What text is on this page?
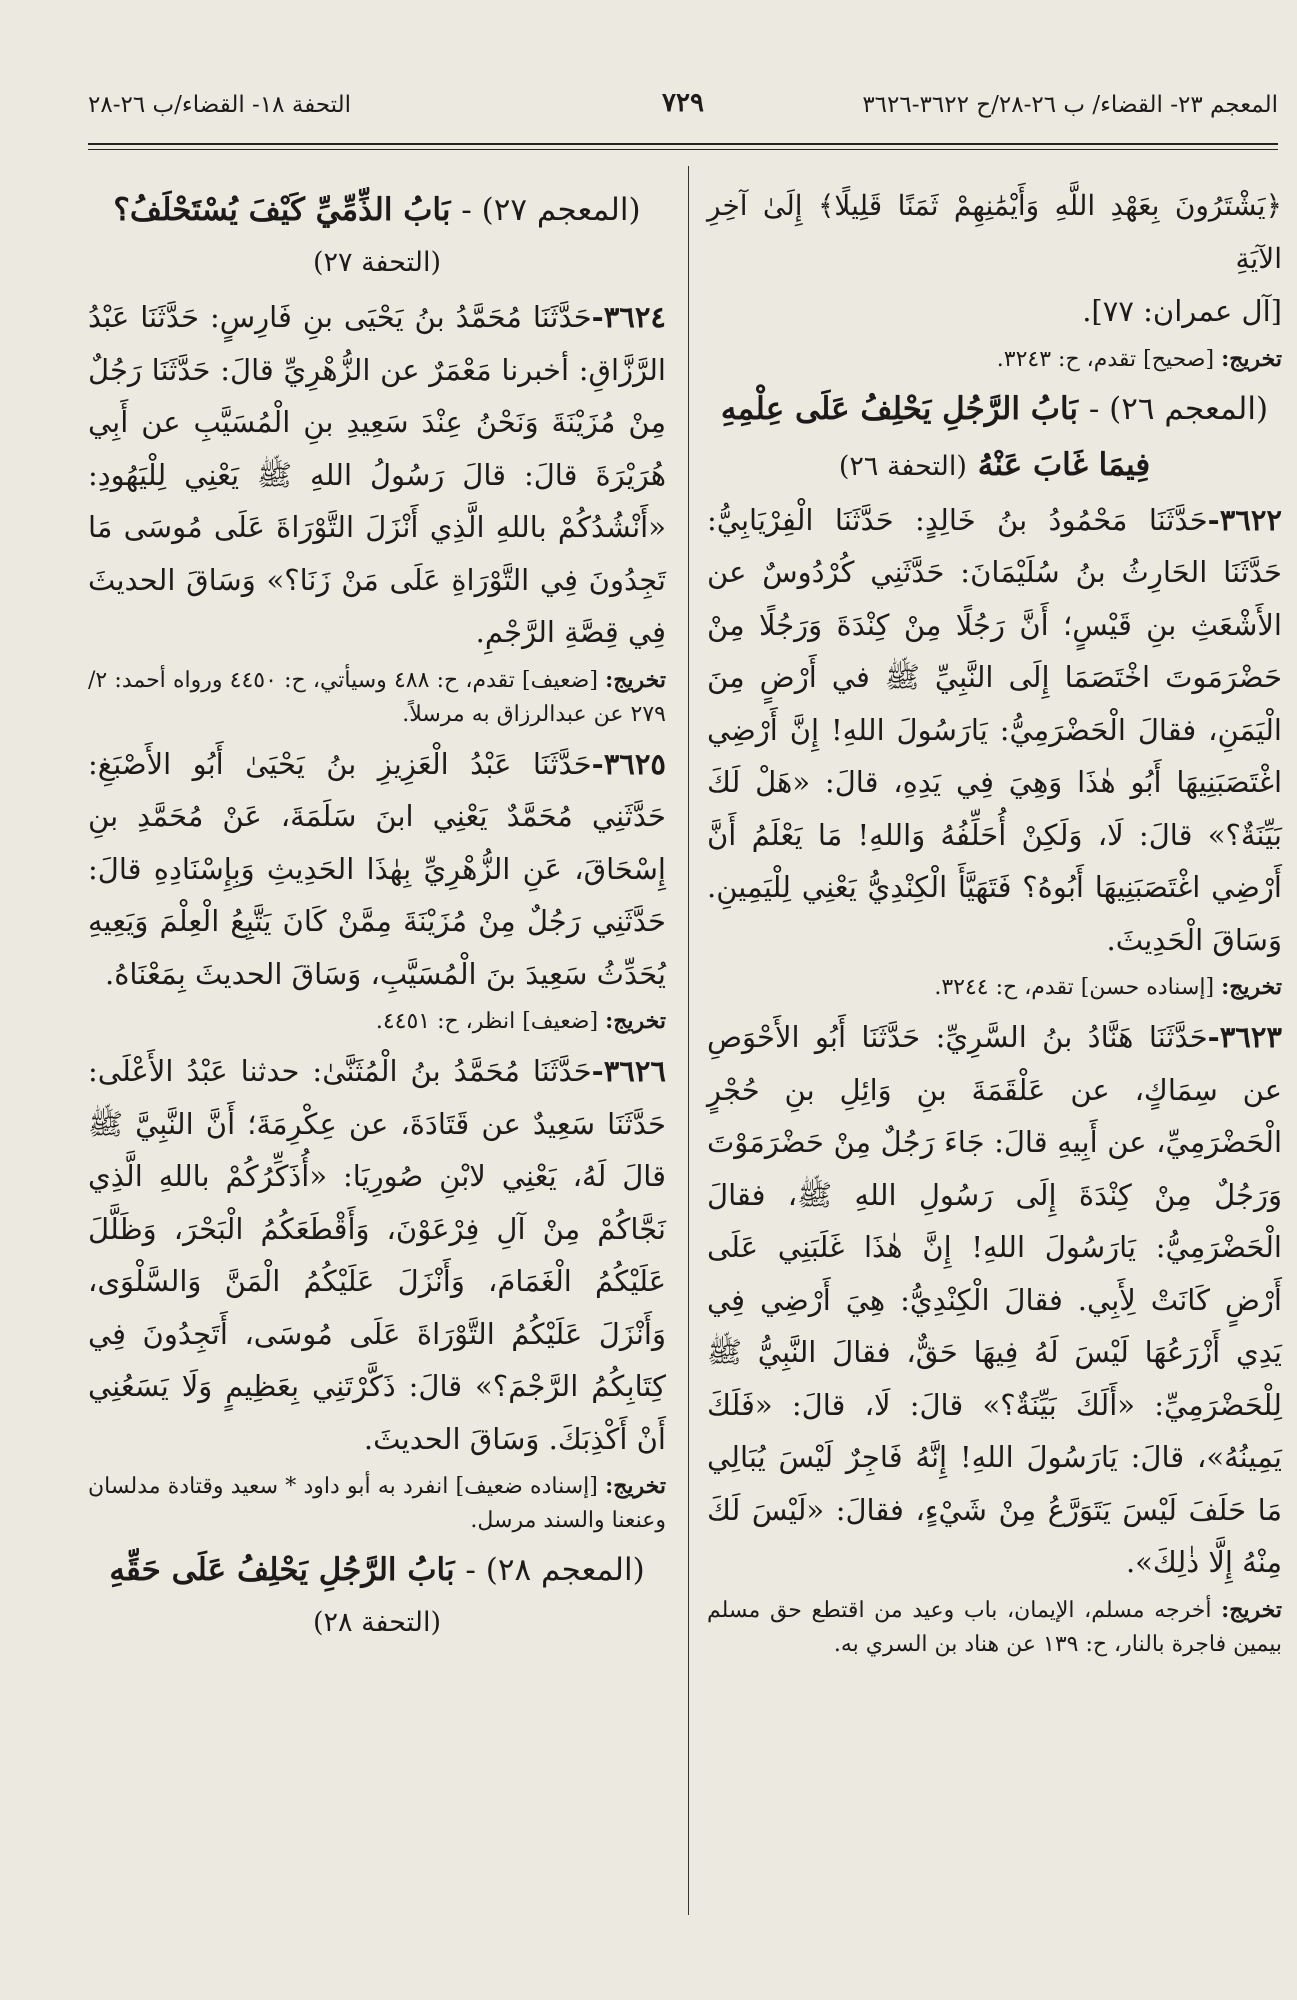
المعجم ٢٣- القضاء/ ب ٢٦-٢٨/ح ٣٦٢٢-٣٦٢٦
٧٢٩
التحفة ١٨- القضاء/ب ٢٦-٢٨

﴿يَشْتَرُونَ بِعَهْدِ اللَّهِ وَأَيْمَٰنِهِمْ ثَمَنًا قَلِيلًا﴾ إِلَىٰ آخِرِ الآيَةِ

[آل عمران: ٧٧].

تخريج: [صحيح] تقدم، ح: ٣٢٤٣.

(المعجم ٢٦) - بَابُ الرَّجُلِ يَحْلِفُ عَلَى عِلْمِهِ

فِيمَا غَابَ عَنْهُ (التحفة ٢٦)

٣٦٢٢-حَدَّثَنَا مَحْمُودُ بنُ خَالِدٍ: حَدَّثَنَا الْفِرْيَابِيُّ: حَدَّثَنَا الحَارِثُ بنُ سُلَيْمَانَ: حَدَّثَنِي كُرْدُوسٌ عن الأَشْعَثِ بنِ قَيْسٍ؛ أَنَّ رَجُلًا مِنْ كِنْدَةَ وَرَجُلًا مِنْ حَضْرَمَوتَ اخْتَصَمَا إِلَى النَّبِيِّ ﷺ في أَرْضٍ مِنَ الْيَمَنِ، فقالَ الْحَضْرَمِيُّ: يَارَسُولَ اللهِ! إِنَّ أَرْضِي اغْتَصَبَنِيهَا أَبُو هٰذَا وَهِيَ فِي يَدِهِ، قالَ: «هَلْ لَكَ بَيِّنَةٌ؟» قالَ: لَا، وَلَكِنْ أُحَلِّفُهُ وَاللهِ! مَا يَعْلَمُ أَنَّ أَرْضِي اغْتَصَبَنِيهَا أَبُوهُ؟ فَتَهَيَّأَ الْكِنْدِيُّ يَعْنِي لِلْيَمِينِ. وَسَاقَ الْحَدِيثَ.

تخريج: [إسناده حسن] تقدم، ح: ٣٢٤٤.

٣٦٢٣-حَدَّثَنَا هَنَّادُ بنُ السَّرِيِّ: حَدَّثَنَا أَبُو الأَحْوَصِ عن سِمَاكٍ، عن عَلْقَمَةَ بنِ وَائِلِ بنِ حُجْرٍ الْحَضْرَمِيِّ، عن أَبِيهِ قالَ: جَاءَ رَجُلٌ مِنْ حَضْرَمَوْتَ وَرَجُلٌ مِنْ كِنْدَةَ إِلَى رَسُولِ اللهِ ﷺ، فقالَ الْحَضْرَمِيُّ: يَارَسُولَ اللهِ! إِنَّ هٰذَا غَلَبَنِي عَلَى أَرْضٍ كَانَتْ لِأَبِي. فقالَ الْكِنْدِيُّ: هِيَ أَرْضِي فِي يَدِي أَزْرَعُهَا لَيْسَ لَهُ فِيهَا حَقٌّ، فقالَ النَّبِيُّ ﷺ لِلْحَضْرَمِيِّ: «أَلَكَ بَيِّنَةٌ؟» قالَ: لَا، قالَ: «فَلَكَ يَمِينُهُ»، قالَ: يَارَسُولَ اللهِ! إِنَّهُ فَاجِرٌ لَيْسَ يُبَالِي مَا حَلَفَ لَيْسَ يَتَوَرَّعُ مِنْ شَيْءٍ، فقالَ: «لَيْسَ لَكَ مِنْهُ إِلَّا ذٰلِكَ».

تخريج: أخرجه مسلم، الإيمان، باب وعيد من اقتطع حق مسلم بيمين فاجرة بالنار، ح: ١٣٩ عن هناد بن السري به.

(المعجم ٢٧) - بَابُ الذِّمِّيِّ كَيْفَ يُسْتَحْلَفُ؟

(التحفة ٢٧)

٣٦٢٤-حَدَّثَنَا مُحَمَّدُ بنُ يَحْيَى بنِ فَارِسٍ: حَدَّثَنَا عَبْدُ الرَّزَّاقِ: أخبرنا مَعْمَرٌ عن الزُّهْرِيِّ قالَ: حَدَّثَنَا رَجُلٌ مِنْ مُزَيْنَةَ وَنَحْنُ عِنْدَ سَعِيدِ بنِ الْمُسَيَّبِ عن أَبِي هُرَيْرَةَ قالَ: قالَ رَسُولُ اللهِ ﷺ يَعْنِي لِلْيَهُودِ: «أَنْشُدُكُمْ باللهِ الَّذِي أَنْزَلَ التَّوْرَاةَ عَلَى مُوسَى مَا تَجِدُونَ فِي التَّوْرَاةِ عَلَى مَنْ زَنَا؟» وَسَاقَ الحديثَ فِي قِصَّةِ الرَّجْمِ.

تخريج: [ضعيف] تقدم، ح: ٤٨٨ وسيأتي، ح: ٤٤٥٠ ورواه أحمد: ٢/ ٢٧٩ عن عبدالرزاق به مرسلاً.

٣٦٢٥-حَدَّثَنَا عَبْدُ الْعَزِيزِ بنُ يَحْيَىٰ أَبُو الأَصْبَغِ: حَدَّثَنِي مُحَمَّدٌ يَعْنِي ابنَ سَلَمَةَ، عَنْ مُحَمَّدِ بنِ إِسْحَاقَ، عَنِ الزُّهْرِيِّ بِهٰذَا الحَدِيثِ وَبِإِسْنَادِهِ قالَ: حَدَّثَنِي رَجُلٌ مِنْ مُزَيْنَةَ مِمَّنْ كَانَ يَتَّبِعُ الْعِلْمَ وَيَعِيهِ يُحَدِّثُ سَعِيدَ بنَ الْمُسَيَّبِ، وَسَاقَ الحديثَ بِمَعْنَاهُ.

تخريج: [ضعيف] انظر، ح: ٤٤٥١.

٣٦٢٦-حَدَّثَنَا مُحَمَّدُ بنُ الْمُثَنَّىٰ: حدثنا عَبْدُ الأَعْلَى: حَدَّثَنَا سَعِيدٌ عن قَتَادَةَ، عن عِكْرِمَةَ؛ أَنَّ النَّبِيَّ ﷺ قالَ لَهُ، يَعْنِي لابْنِ صُورِيَا: «أُذَكِّرُكُمْ باللهِ الَّذِي نَجَّاكُمْ مِنْ آلِ فِرْعَوْنَ، وَأَقْطَعَكُمُ الْبَحْرَ، وَظَلَّلَ عَلَيْكُمُ الْغَمَامَ، وَأَنْزَلَ عَلَيْكُمُ الْمَنَّ وَالسَّلْوَى، وَأَنْزَلَ عَلَيْكُمُ التَّوْرَاةَ عَلَى مُوسَى، أَتَجِدُونَ فِي كِتَابِكُمُ الرَّجْمَ؟» قالَ: ذَكَّرْتَنِي بِعَظِيمٍ وَلَا يَسَعُنِي أَنْ أَكْذِبَكَ. وَسَاقَ الحديثَ.

تخريج: [إسناده ضعيف] انفرد به أبو داود * سعيد وقتادة مدلسان وعنعنا والسند مرسل.

(المعجم ٢٨) - بَابُ الرَّجُلِ يَحْلِفُ عَلَى حَقِّهِ

(التحفة ٢٨)
